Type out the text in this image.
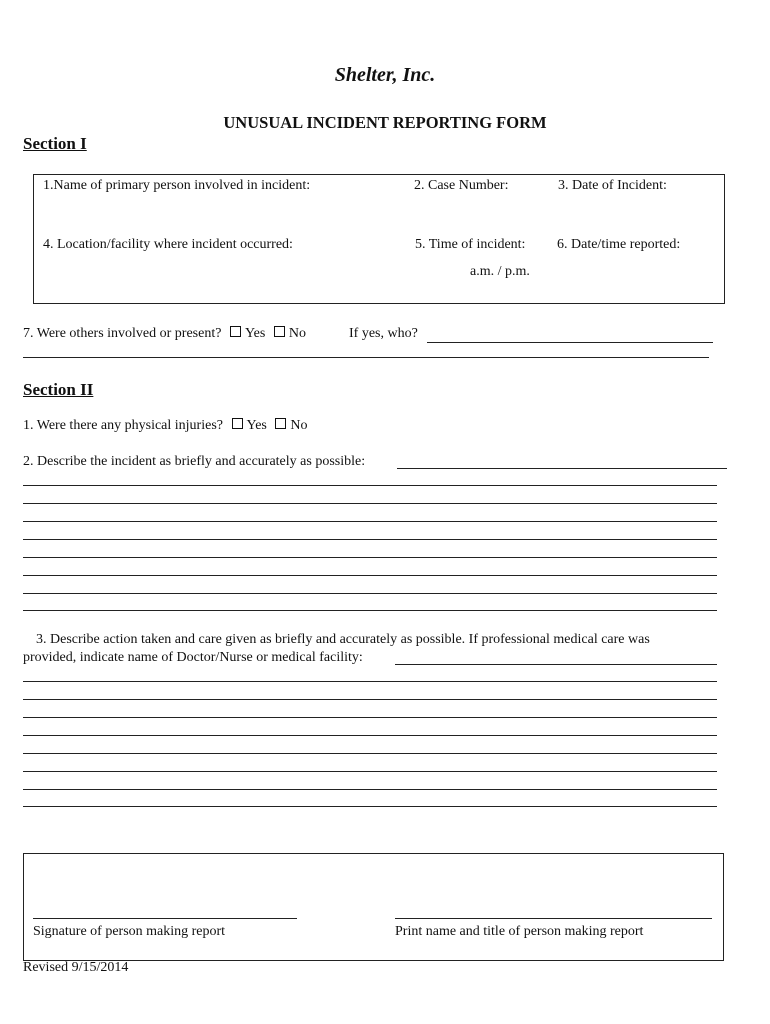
Shelter, Inc.
UNUSUAL INCIDENT REPORTING FORM
Section I
1.Name of primary person involved in incident:	2. Case Number:	3. Date of Incident:
4. Location/facility where incident occurred:	5. Time of incident: 6. Date/time reported:
a.m. / p.m.
7. Were others involved or present? Yes No	If yes, who?
Section II
1. Were there any physical injuries? Yes No
2. Describe the incident as briefly and accurately as possible:
3. Describe action taken and care given as briefly and accurately as possible. If professional medical care was
provided, indicate name of Doctor/Nurse or medical facility:
Signature of person making report	Print name and title of person making report
Revised 9/15/2014
